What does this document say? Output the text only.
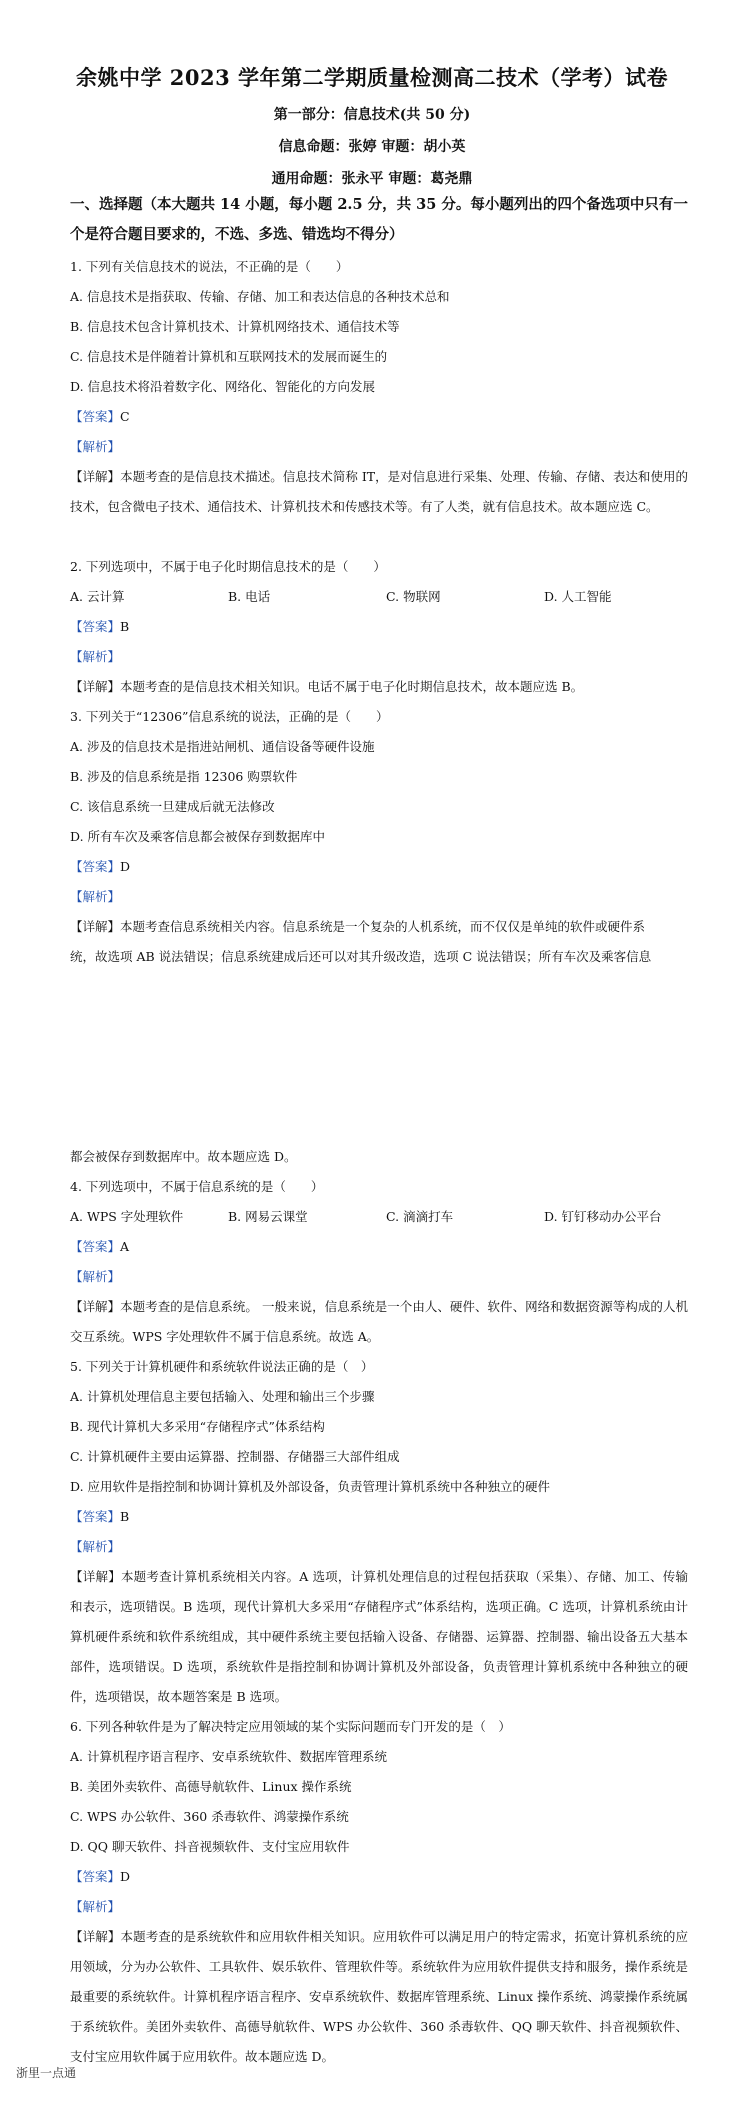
余姚中学 2023 学年第二学期质量检测高二技术（学考）试卷
第一部分：信息技术(共 50 分)
信息命题：张婷 审题：胡小英
通用命题：张永平 审题：葛尧鼎
一、选择题（本大题共 14 小题，每小题 2.5 分，共 35 分。每小题列出的四个备选项中只有一
个是符合题目要求的，不选、多选、错选均不得分）
1. 下列有关信息技术的说法，不正确的是（　　）
A. 信息技术是指获取、传输、存储、加工和表达信息的各种技术总和
B. 信息技术包含计算机技术、计算机网络技术、通信技术等
C. 信息技术是伴随着计算机和互联网技术的发展而诞生的
D. 信息技术将沿着数字化、网络化、智能化的方向发展
【答案】C
【解析】
【详解】本题考查的是信息技术描述。信息技术简称 IT，是对信息进行采集、处理、传输、存储、表达和使用的技术，包含微电子技术、通信技术、计算机技术和传感技术等。有了人类，就有信息技术。故本题应选 C。
2. 下列选项中，不属于电子化时期信息技术的是（　　）
A. 云计算	B. 电话	C. 物联网	D. 人工智能
【答案】B
【解析】
【详解】本题考查的是信息技术相关知识。电话不属于电子化时期信息技术，故本题应选 B。
3. 下列关于“12306”信息系统的说法，正确的是（　　）
A. 涉及的信息技术是指进站闸机、通信设备等硬件设施
B. 涉及的信息系统是指 12306 购票软件
C. 该信息系统一旦建成后就无法修改
D. 所有车次及乘客信息都会被保存到数据库中
【答案】D
【解析】
【详解】本题考查信息系统相关内容。信息系统是一个复杂的人机系统，而不仅仅是单纯的软件或硬件系
统，故选项 AB 说法错误；信息系统建成后还可以对其升级改造，选项 C 说法错误；所有车次及乘客信息
都会被保存到数据库中。故本题应选 D。
4. 下列选项中，不属于信息系统的是（　　）
A. WPS 字处理软件	B. 网易云课堂	C. 滴滴打车	D. 钉钉移动办公平台
【答案】A
【解析】
【详解】本题考查的是信息系统。 一般来说，信息系统是一个由人、硬件、软件、网络和数据资源等构成的人机交互系统。WPS 字处理软件不属于信息系统。故选 A。
5. 下列关于计算机硬件和系统软件说法正确的是（　）
A. 计算机处理信息主要包括输入、处理和输出三个步骤
B. 现代计算机大多采用“存储程序式”体系结构
C. 计算机硬件主要由运算器、控制器、存储器三大部件组成
D. 应用软件是指控制和协调计算机及外部设备，负责管理计算机系统中各种独立的硬件
【答案】B
【解析】
【详解】本题考查计算机系统相关内容。A 选项，计算机处理信息的过程包括获取（采集）、存储、加工、传输和表示，选项错误。B 选项，现代计算机大多采用“存储程序式”体系结构，选项正确。C 选项，计算机系统由计算机硬件系统和软件系统组成，其中硬件系统主要包括输入设备、存储器、运算器、控制器、输出设备五大基本部件，选项错误。D 选项，系统软件是指控制和协调计算机及外部设备，负责管理计算机系统中各种独立的硬件，选项错误，故本题答案是 B 选项。
6. 下列各种软件是为了解决特定应用领域的某个实际问题而专门开发的是（　）
A. 计算机程序语言程序、安卓系统软件、数据库管理系统
B. 美团外卖软件、高德导航软件、Linux 操作系统
C. WPS 办公软件、360 杀毒软件、鸿蒙操作系统
D. QQ 聊天软件、抖音视频软件、支付宝应用软件
【答案】D
【解析】
【详解】本题考查的是系统软件和应用软件相关知识。应用软件可以满足用户的特定需求，拓宽计算机系统的应用领域，分为办公软件、工具软件、娱乐软件、管理软件等。系统软件为应用软件提供支持和服务，操作系统是最重要的系统软件。计算机程序语言程序、安卓系统软件、数据库管理系统、Linux 操作系统、鸿蒙操作系统属于系统软件。美团外卖软件、高德导航软件、WPS 办公软件、360 杀毒软件、QQ 聊天软件、抖音视频软件、支付宝应用软件属于应用软件。故本题应选 D。
浙里一点通
